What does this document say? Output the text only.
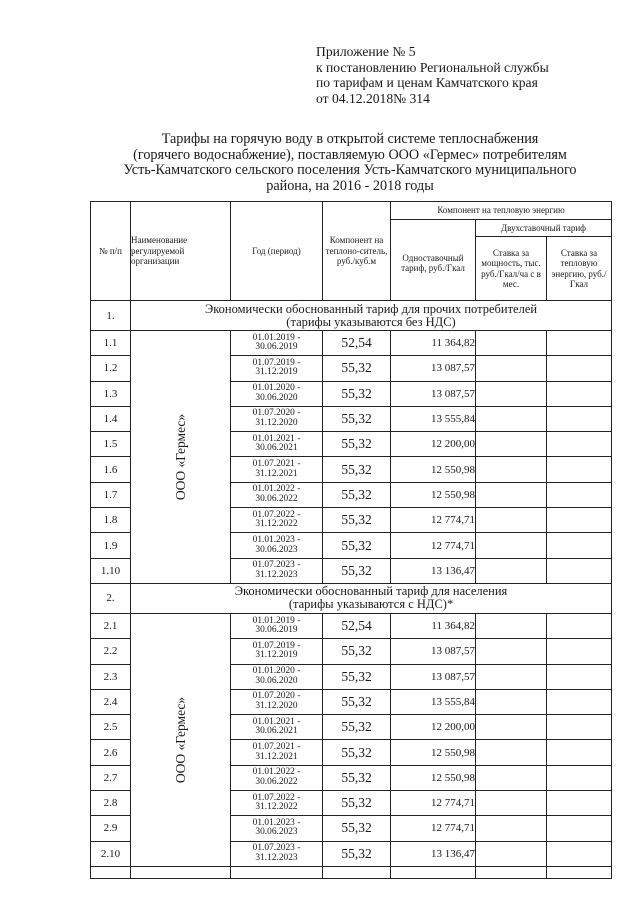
Приложение № 5
к постановлению Региональной службы
по тарифам и ценам Камчатского края
от 04.12.2018№ 314
Тарифы на горячую воду в открытой системе теплоснабжения
(горячего водоснабжение), поставляемую ООО «Гермес» потребителям
Усть-Камчатского сельского поселения Усть-Камчатского муниципального
района, на 2016 - 2018 годы
№ п/п	Наименование регулируемой организации	Год (период)	Компонент на теплоно-ситель, руб./куб.м	Компонент на тепловую энергию		
				Одноставочный тариф, руб./Гкал	Двухставочный тариф	
					Ставка за мощность, тыс. руб./Гкал/ча с в мес.	Ставка за тепловую энергию, руб./Гкал
1.	Экономически обоснованный тариф для прочих потребителей
(тарифы указываются без НДС)					

1.1	ООО «Гермес»	01.01.2019 -
30.06.2019	52,54	11 364,82		
1.2		01.07.2019 -
31.12.2019	55,32	13 087,57		
1.3		01.01.2020 -
30.06.2020	55,32	13 087,57		
1.4		01.07.2020 -
31.12.2020	55,32	13 555,84		
1.5		01.01.2021 -
30.06.2021	55,32	12 200,00		
1.6		01.07.2021 -
31.12.2021	55,32	12 550,98		
1.7		01.01.2022 -
30.06.2022	55,32	12 550,98		
1.8		01.07.2022 -
31.12.2022	55,32	12 774,71		
1.9		01.01.2023 -
30.06.2023	55,32	12 774,71		
1.10		01.07.2023 -
31.12.2023	55,32	13 136,47		
2.	Экономически обоснованный тариф для населения
(тарифы указываются с НДС)*					

2.1	ООО «Гермес»	01.01.2019 -
30.06.2019	52,54	11 364,82		
2.2		01.07.2019 -
31.12.2019	55,32	13 087,57		
2.3		01.01.2020 -
30.06.2020	55,32	13 087,57		
2.4		01.07.2020 -
31.12.2020	55,32	13 555,84		
2.5		01.01.2021 -
30.06.2021	55,32	12 200,00		
2.6		01.07.2021 -
31.12.2021	55,32	12 550,98		
2.7		01.01.2022 -
30.06.2022	55,32	12 550,98		
2.8		01.07.2022 -
31.12.2022	55,32	12 774,71		
2.9		01.01.2023 -
30.06.2023	55,32	12 774,71		
2.10		01.07.2023 -
31.12.2023	55,32	13 136,47		
